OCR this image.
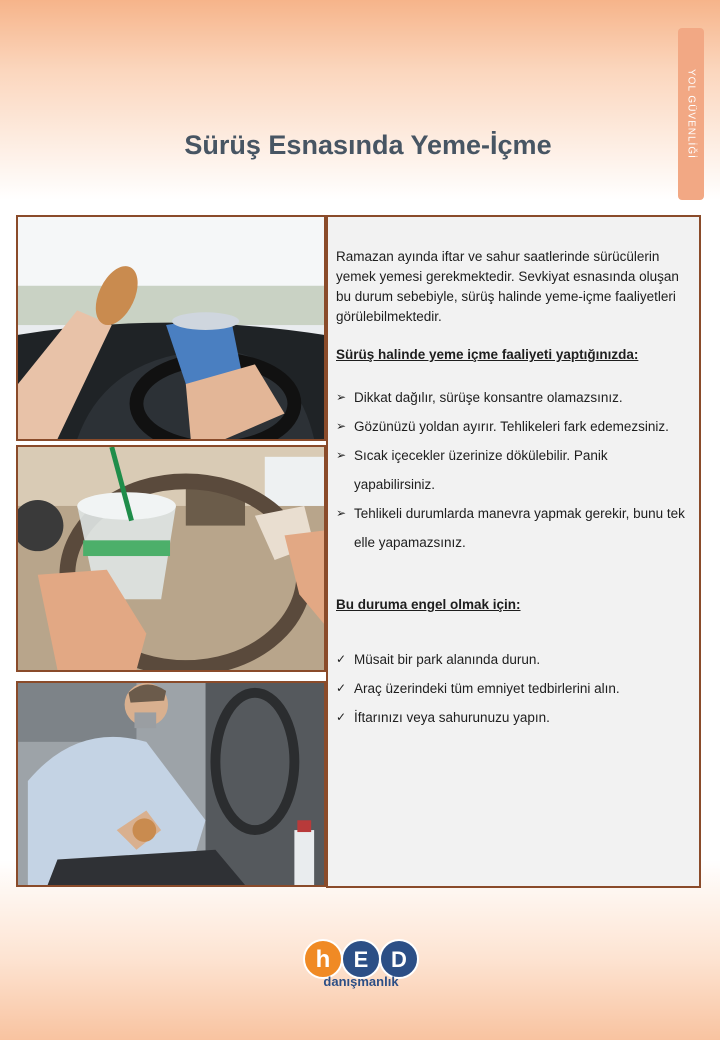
YOL GÜVENLİĞİ
Sürüş Esnasında Yeme-İçme

Ramazan ayında iftar ve sahur saatlerinde sürücülerin yemek yemesi gerekmektedir. Sevkiyat esnasında oluşan bu durum sebebiyle, sürüş halinde yeme-içme faaliyetleri görülebilmektedir.

Sürüş halinde yeme içme faaliyeti yaptığınızda:

➢ Dikkat dağılır, sürüşe konsantre olamazsınız.
➢ Gözünüzü yoldan ayırır. Tehlikeleri fark edemezsiniz.
➢ Sıcak içecekler üzerinize dökülebilir. Panik yapabilirsiniz.
➢ Tehlikeli durumlarda manevra yapmak gerekir, bunu tek elle yapamazsınız.

Bu duruma engel olmak için:

✓ Müsait bir park alanında durun.
✓ Araç üzerindeki tüm emniyet tedbirlerini alın.
✓ İftarınızı veya sahurunuzu yapın.
h E D
danışmanlık
